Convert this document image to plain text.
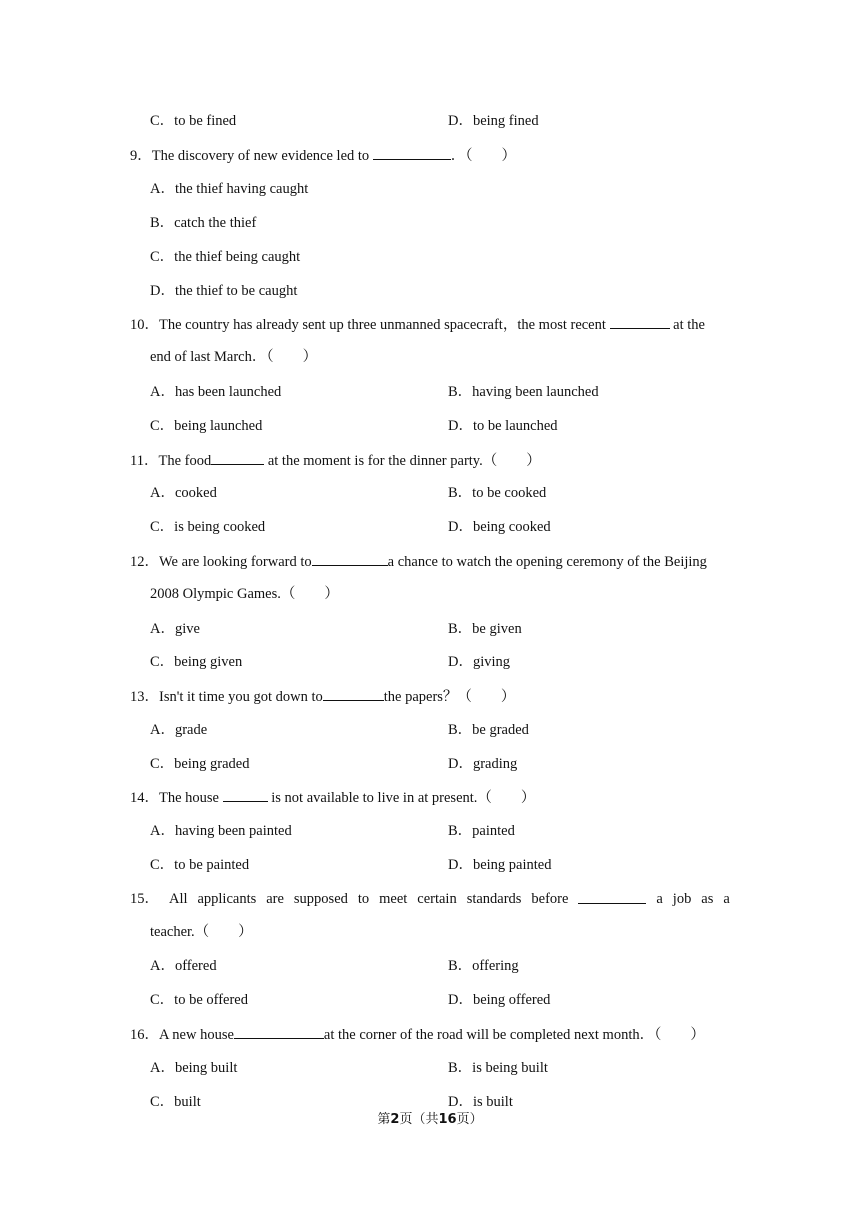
C．to be fined	D．being fined
9．The discovery of new evidence led to	．（　　）
A．the thief having caught
B．catch the thief
C．the thief being caught
D．the thief to be caught
10．The country has already sent up three unmanned spacecraft，the most recent	at the
end of last March．（　　）
A．has been launched	B．having been launched
C．being launched	D．to be launched
11．The food	at the moment is for the dinner party.（　　）
A．cooked	B．to be cooked
C．is being cooked	D．being cooked
12．We are looking forward to	a chance to watch the opening ceremony of the Beijing
2008 Olympic Games.（　　）
A．give	B．be given
C．being given	D．giving
13．Isn't it time you got down to	the papers？（　　）
A．grade	B．be graded
C．being graded	D．grading
14．The house	is not available to live in at present.（　　）
A．having been painted	B．painted
C．to be painted	D．being painted
15． All applicants are supposed to meet certain standards before	a job as a
teacher.（　　）
A．offered	B．offering
C．to be offered	D．being offered
16．A new house	at the corner of the road will be completed next month．（　　）
A．being built	B．is being built
C．built	D．is built
第2页（共16页）
